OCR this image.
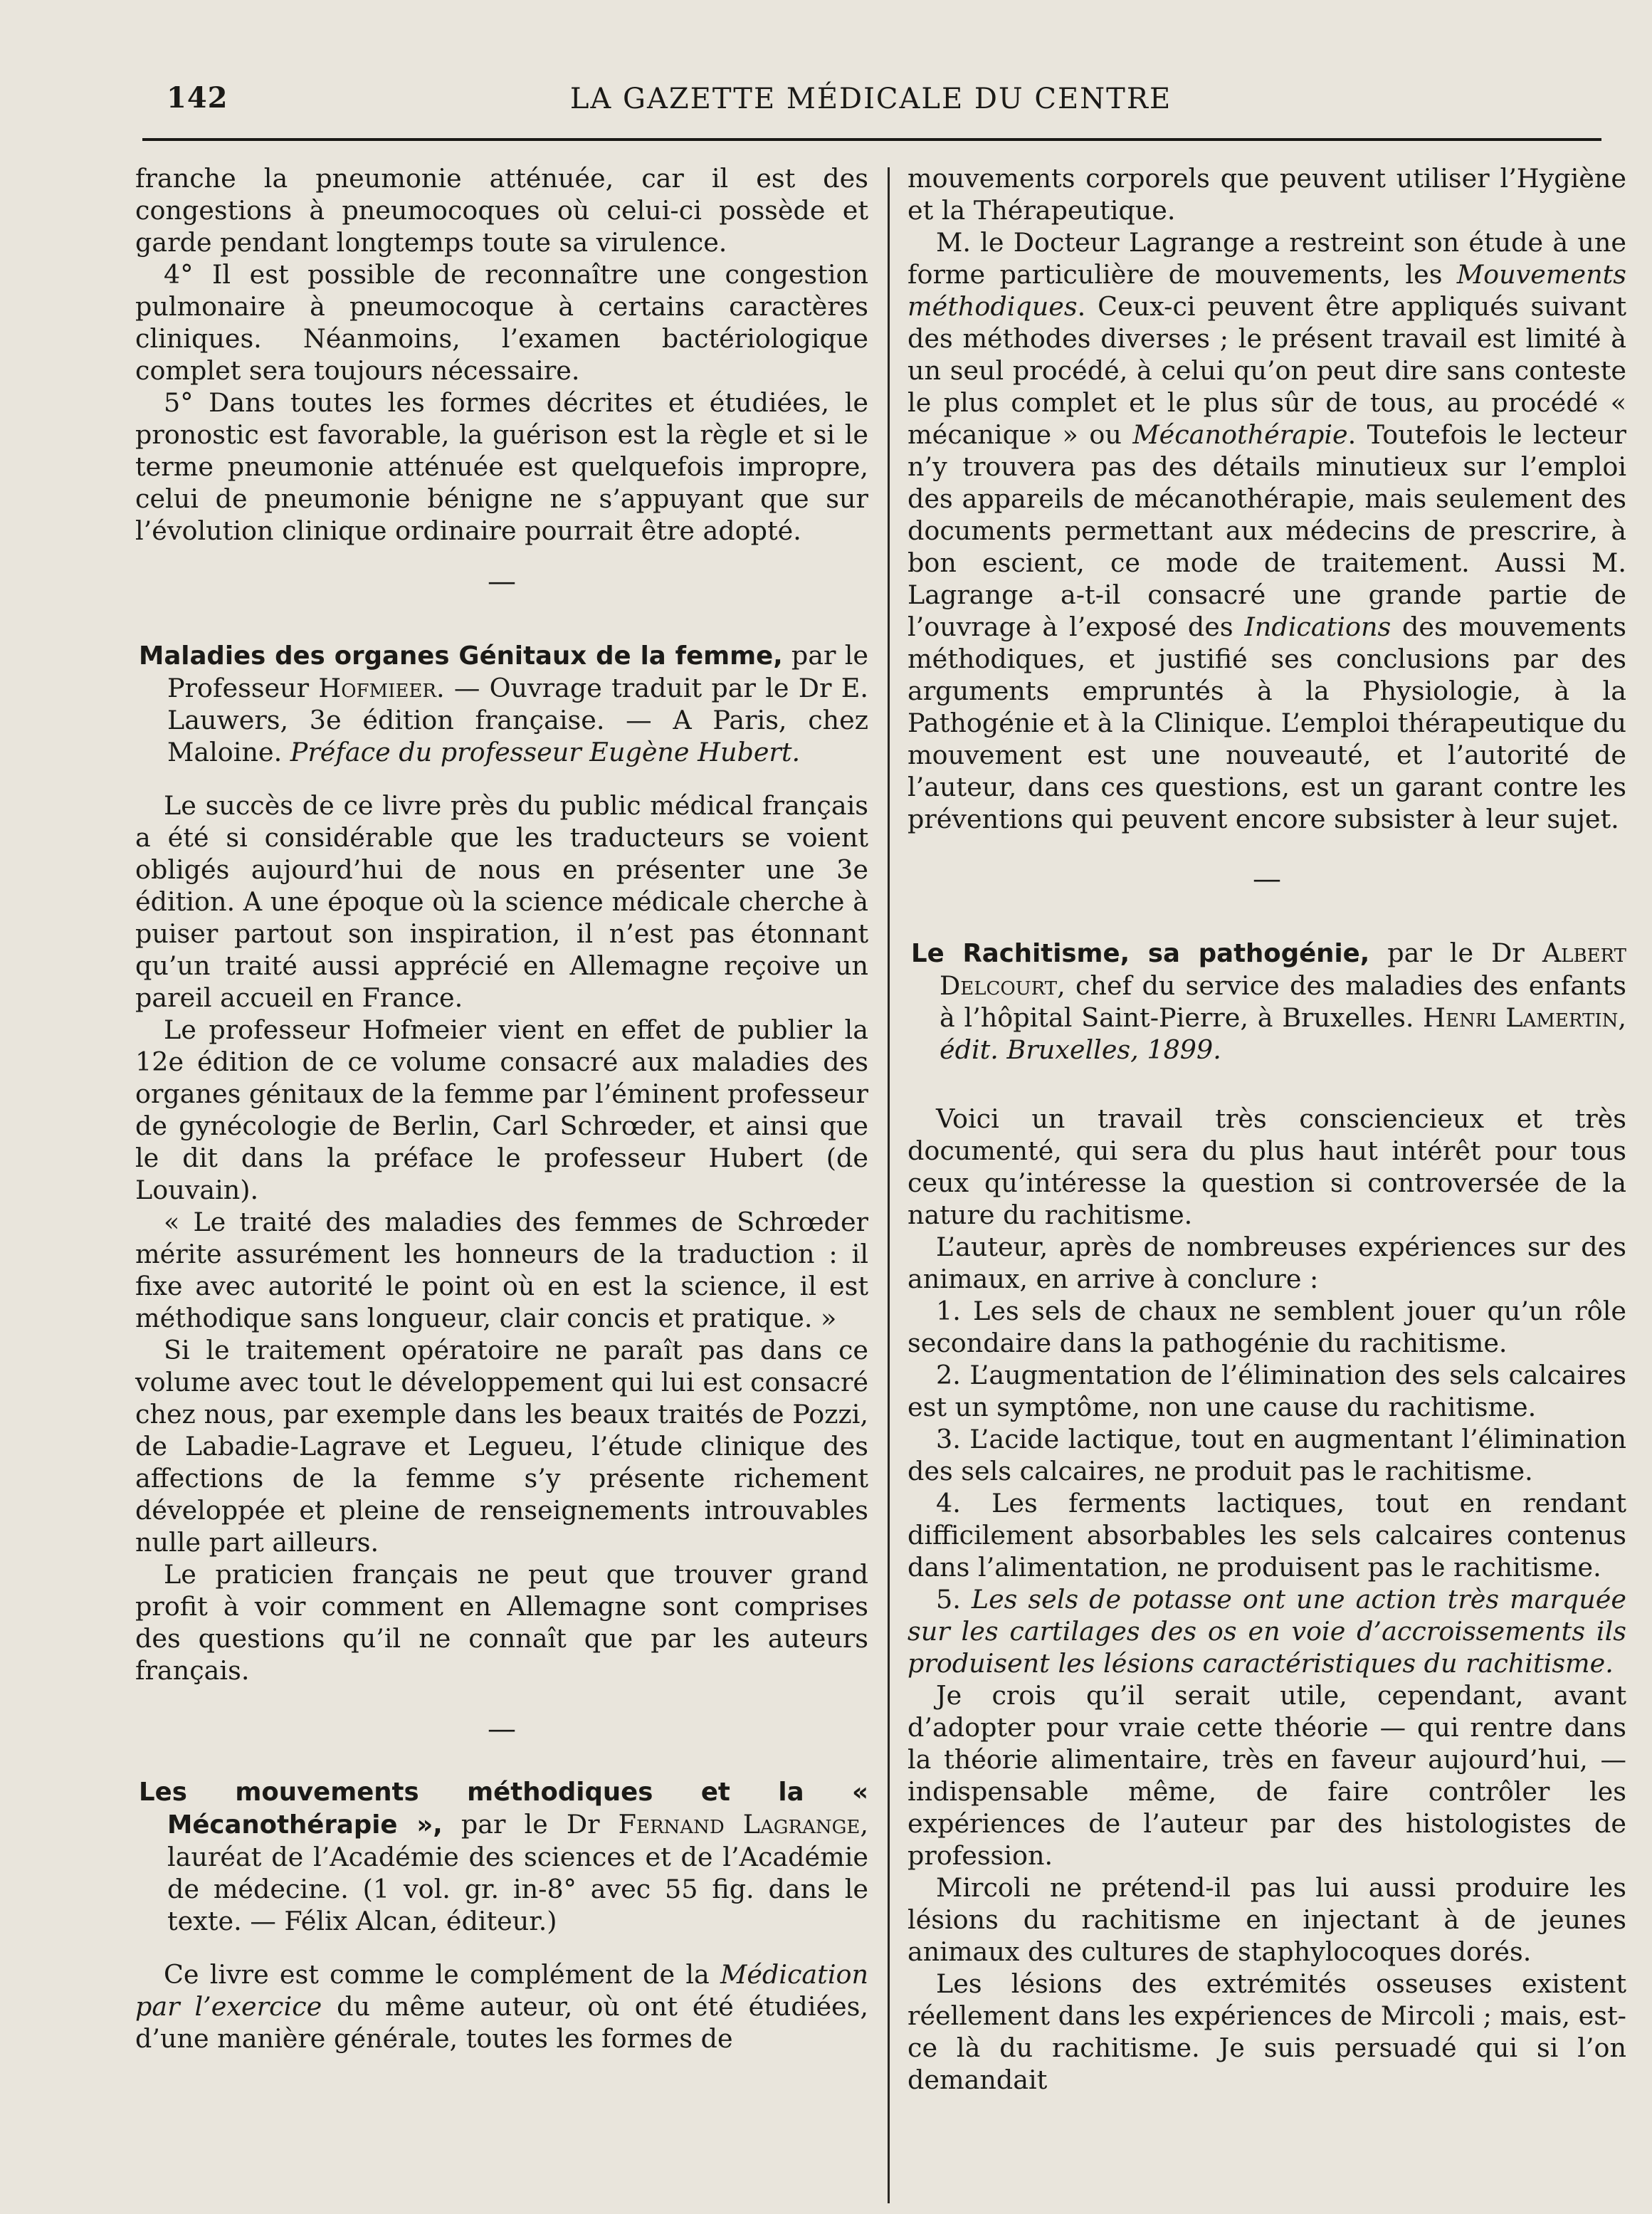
142	LA GAZETTE MÉDICALE DU CENTRE

franche la pneumonie atténuée, car il est des congestions à pneumocoques où celui-ci possède et garde pendant longtemps toute sa virulence.

4° Il est possible de reconnaître une congestion pulmonaire à pneumocoque à certains caractères cliniques. Néanmoins, l’examen bactériologique complet sera toujours nécessaire.

5° Dans toutes les formes décrites et étudiées, le pronostic est favorable, la guérison est la règle et si le terme pneumonie atténuée est quelquefois impropre, celui de pneumonie bénigne ne s’appuyant que sur l’évolution clinique ordinaire pourrait être adopté.

—

Maladies des organes Génitaux de la femme, par le Professeur Hofmieer. — Ouvrage traduit par le Dr E. Lauwers, 3e édition française. — A Paris, chez Maloine. Préface du professeur Eugène Hubert.

Le succès de ce livre près du public médical français a été si considérable que les traducteurs se voient obligés aujourd’hui de nous en présenter une 3e édition. A une époque où la science médicale cherche à puiser partout son inspiration, il n’est pas étonnant qu’un traité aussi apprécié en Allemagne reçoive un pareil accueil en France.

Le professeur Hofmeier vient en effet de publier la 12e édition de ce volume consacré aux maladies des organes génitaux de la femme par l’éminent professeur de gynécologie de Berlin, Carl Schrœder, et ainsi que le dit dans la préface le professeur Hubert (de Louvain).

« Le traité des maladies des femmes de Schrœder mérite assurément les honneurs de la traduction : il fixe avec autorité le point où en est la science, il est méthodique sans longueur, clair concis et pratique. »

Si le traitement opératoire ne paraît pas dans ce volume avec tout le développement qui lui est consacré chez nous, par exemple dans les beaux traités de Pozzi, de Labadie-Lagrave et Legueu, l’étude clinique des affections de la femme s’y présente richement développée et pleine de renseignements introuvables nulle part ailleurs.

Le praticien français ne peut que trouver grand profit à voir comment en Allemagne sont comprises des questions qu’il ne connaît que par les auteurs français.

—

Les mouvements méthodiques et la « Mécanothérapie », par le Dr Fernand Lagrange, lauréat de l’Académie des sciences et de l’Académie de médecine. (1 vol. gr. in-8° avec 55 fig. dans le texte. — Félix Alcan, éditeur.)

Ce livre est comme le complément de la Médication par l’exercice du même auteur, où ont été étudiées, d’une manière générale, toutes les formes de

mouvements corporels que peuvent utiliser l’Hygiène et la Thérapeutique.

M. le Docteur Lagrange a restreint son étude à une forme particulière de mouvements, les Mouvements méthodiques. Ceux-ci peuvent être appliqués suivant des méthodes diverses ; le présent travail est limité à un seul procédé, à celui qu’on peut dire sans conteste le plus complet et le plus sûr de tous, au procédé « mécanique » ou Mécanothérapie. Toutefois le lecteur n’y trouvera pas des détails minutieux sur l’emploi des appareils de mécanothérapie, mais seulement des documents permettant aux médecins de prescrire, à bon escient, ce mode de traitement. Aussi M. Lagrange a-t-il consacré une grande partie de l’ouvrage à l’exposé des Indications des mouvements méthodiques, et justifié ses conclusions par des arguments empruntés à la Physiologie, à la Pathogénie et à la Clinique. L’emploi thérapeutique du mouvement est une nouveauté, et l’autorité de l’auteur, dans ces questions, est un garant contre les préventions qui peuvent encore subsister à leur sujet.

—

Le Rachitisme, sa pathogénie, par le Dr Albert Delcourt, chef du service des maladies des enfants à l’hôpital Saint-Pierre, à Bruxelles. Henri Lamertin, édit. Bruxelles, 1899.

Voici un travail très consciencieux et très documenté, qui sera du plus haut intérêt pour tous ceux qu’intéresse la question si controversée de la nature du rachitisme.

L’auteur, après de nombreuses expériences sur des animaux, en arrive à conclure :

1. Les sels de chaux ne semblent jouer qu’un rôle secondaire dans la pathogénie du rachitisme.

2. L’augmentation de l’élimination des sels calcaires est un symptôme, non une cause du rachitisme.

3. L’acide lactique, tout en augmentant l’élimination des sels calcaires, ne produit pas le rachitisme.

4. Les ferments lactiques, tout en rendant difficilement absorbables les sels calcaires contenus dans l’alimentation, ne produisent pas le rachitisme.

5. Les sels de potasse ont une action très marquée sur les cartilages des os en voie d’accroissements ils produisent les lésions caractéristiques du rachitisme.

Je crois qu’il serait utile, cependant, avant d’adopter pour vraie cette théorie — qui rentre dans la théorie alimentaire, très en faveur aujourd’hui, — indispensable même, de faire contrôler les expériences de l’auteur par des histologistes de profession.

Mircoli ne prétend-il pas lui aussi produire les lésions du rachitisme en injectant à de jeunes animaux des cultures de staphylocoques dorés.

Les lésions des extrémités osseuses existent réellement dans les expériences de Mircoli ; mais, est-ce là du rachitisme. Je suis persuadé qui si l’on demandait
